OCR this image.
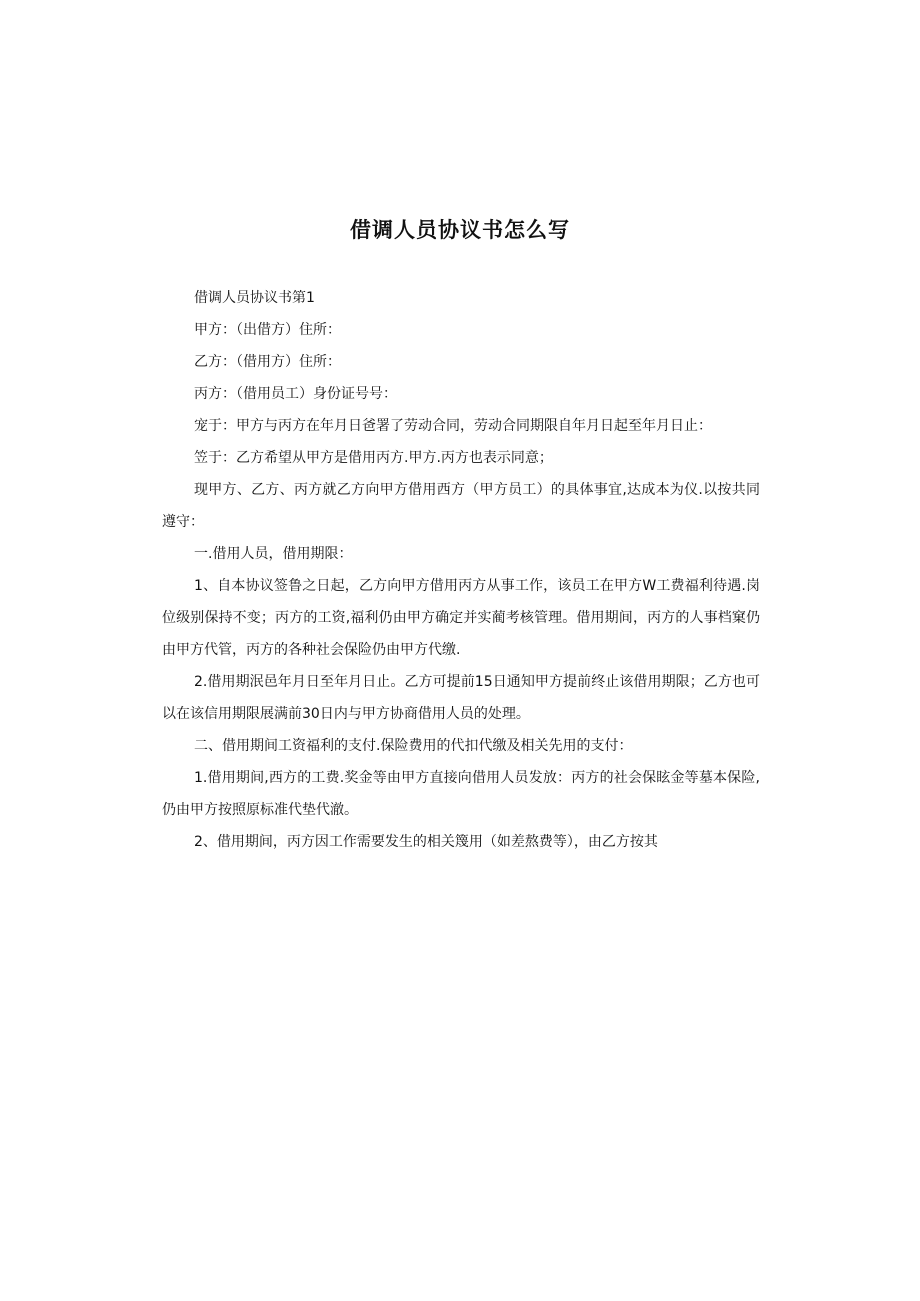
借调人员协议书怎么写
借调人员协议书第1
甲方：（出借方）住所：
乙方：（借用方）住所：
丙方：（借用员工）身份证号号：
宠于：甲方与丙方在年月日爸署了劳动合同，劳动合同期限自年月日起至年月日止：
笠于：乙方希望从甲方是借用丙方.甲方.丙方也表示同意；
现甲方、乙方、丙方就乙方向甲方借用西方（甲方员工）的具体事宜,达成本为仪.以按共同遵守：
一.借用人员，借用期限：
1、自本协议签鲁之日起，乙方向甲方借用丙方从事工作，该员工在甲方W工费福利待遇.岗位级别保持不变；丙方的工资,福利仍由甲方确定并实蔺考核管理。借用期间，丙方的人事档窠仍由甲方代管，丙方的各种社会保险仍由甲方代缴.
2.借用期泯邑年月日至年月日止。乙方可提前15日通知甲方提前终止该借用期限；乙方也可以在该信用期限展满前30日内与甲方协商借用人员的处理。
二、借用期间工资福利的支付.保险费用的代扣代缴及相关先用的支付：
1.借用期间,西方的工费.奖金等由甲方直接向借用人员发放：丙方的社会保眩金等墓本保险,仍由甲方按照原标准代垫代澈。
2、借用期间，丙方因工作需要发生的相关篾用（如差熬费等），由乙方按其
